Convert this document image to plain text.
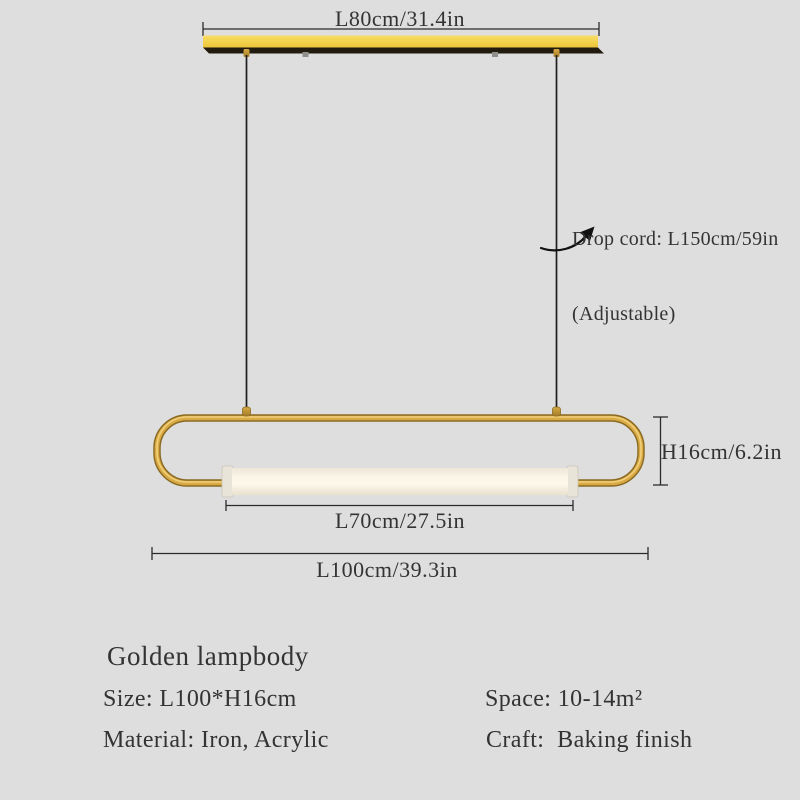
L80cm/31.4in

Drop cord: L150cm/59in

(Adjustable)

H16cm/6.2in
L70cm/27.5in
L100cm/39.3in
Golden lampbody
Size: L100*H16cm	Space: 10-14m²
Material: Iron, Acrylic	Craft:  Baking finish
